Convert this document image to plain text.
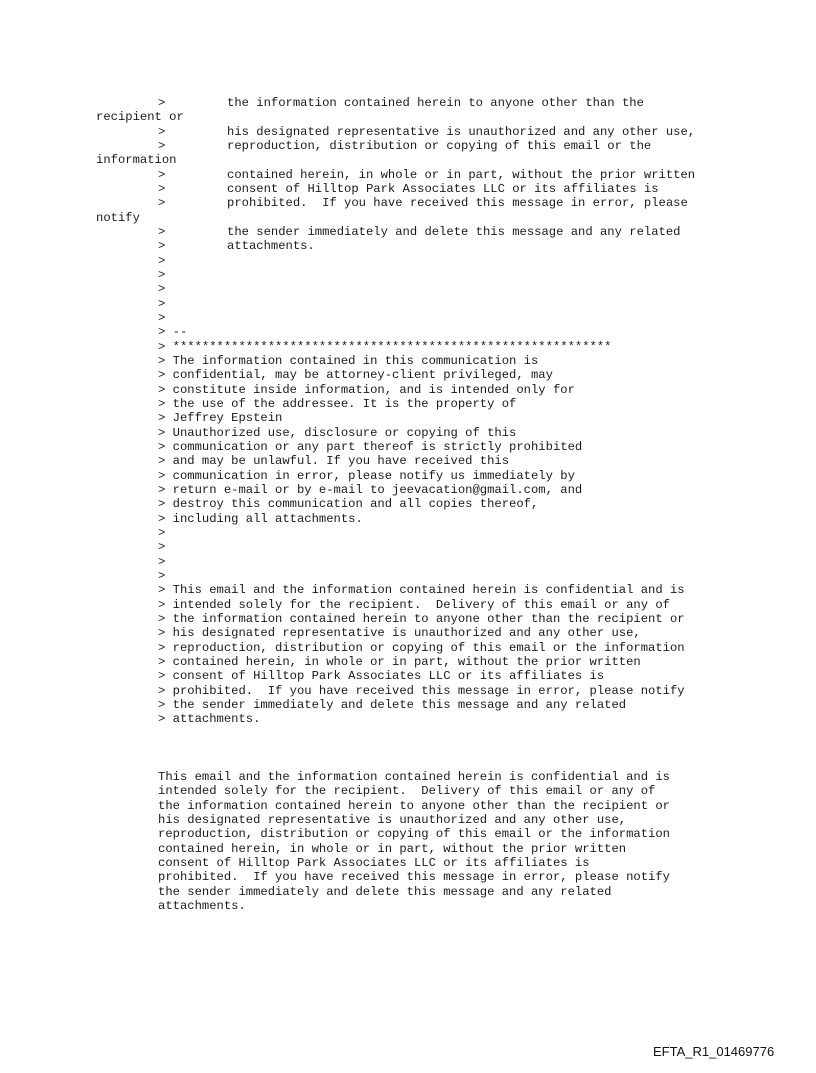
>	the information contained herein to anyone other than the
recipient or
>	his designated representative is unauthorized and any other use,
>	reproduction, distribution or copying of this email or the
information
>	contained herein, in whole or in part, without the prior written
>	consent of Hilltop Park Associates LLC or its affiliates is
>	prohibited.  If you have received this message in error, please
notify
>	the sender immediately and delete this message and any related
>	attachments.
>
>
>
>
>
> --
> ************************************************************
> The information contained in this communication is
> confidential, may be attorney-client privileged, may
> constitute inside information, and is intended only for
> the use of the addressee. It is the property of
> Jeffrey Epstein
> Unauthorized use, disclosure or copying of this
> communication or any part thereof is strictly prohibited
> and may be unlawful. If you have received this
> communication in error, please notify us immediately by
> return e-mail or by e-mail to jeevacation@gmail.com, and
> destroy this communication and all copies thereof,
> including all attachments.
>
>
>
>
> This email and the information contained herein is confidential and is
> intended solely for the recipient.  Delivery of this email or any of
> the information contained herein to anyone other than the recipient or
> his designated representative is unauthorized and any other use,
> reproduction, distribution or copying of this email or the information
> contained herein, in whole or in part, without the prior written
> consent of Hilltop Park Associates LLC or its affiliates is
> prohibited.  If you have received this message in error, please notify
> the sender immediately and delete this message and any related
> attachments.
This email and the information contained herein is confidential and is
intended solely for the recipient.  Delivery of this email or any of
the information contained herein to anyone other than the recipient or
his designated representative is unauthorized and any other use,
reproduction, distribution or copying of this email or the information
contained herein, in whole or in part, without the prior written
consent of Hilltop Park Associates LLC or its affiliates is
prohibited.  If you have received this message in error, please notify
the sender immediately and delete this message and any related
attachments.
EFTA_R1_01469776
